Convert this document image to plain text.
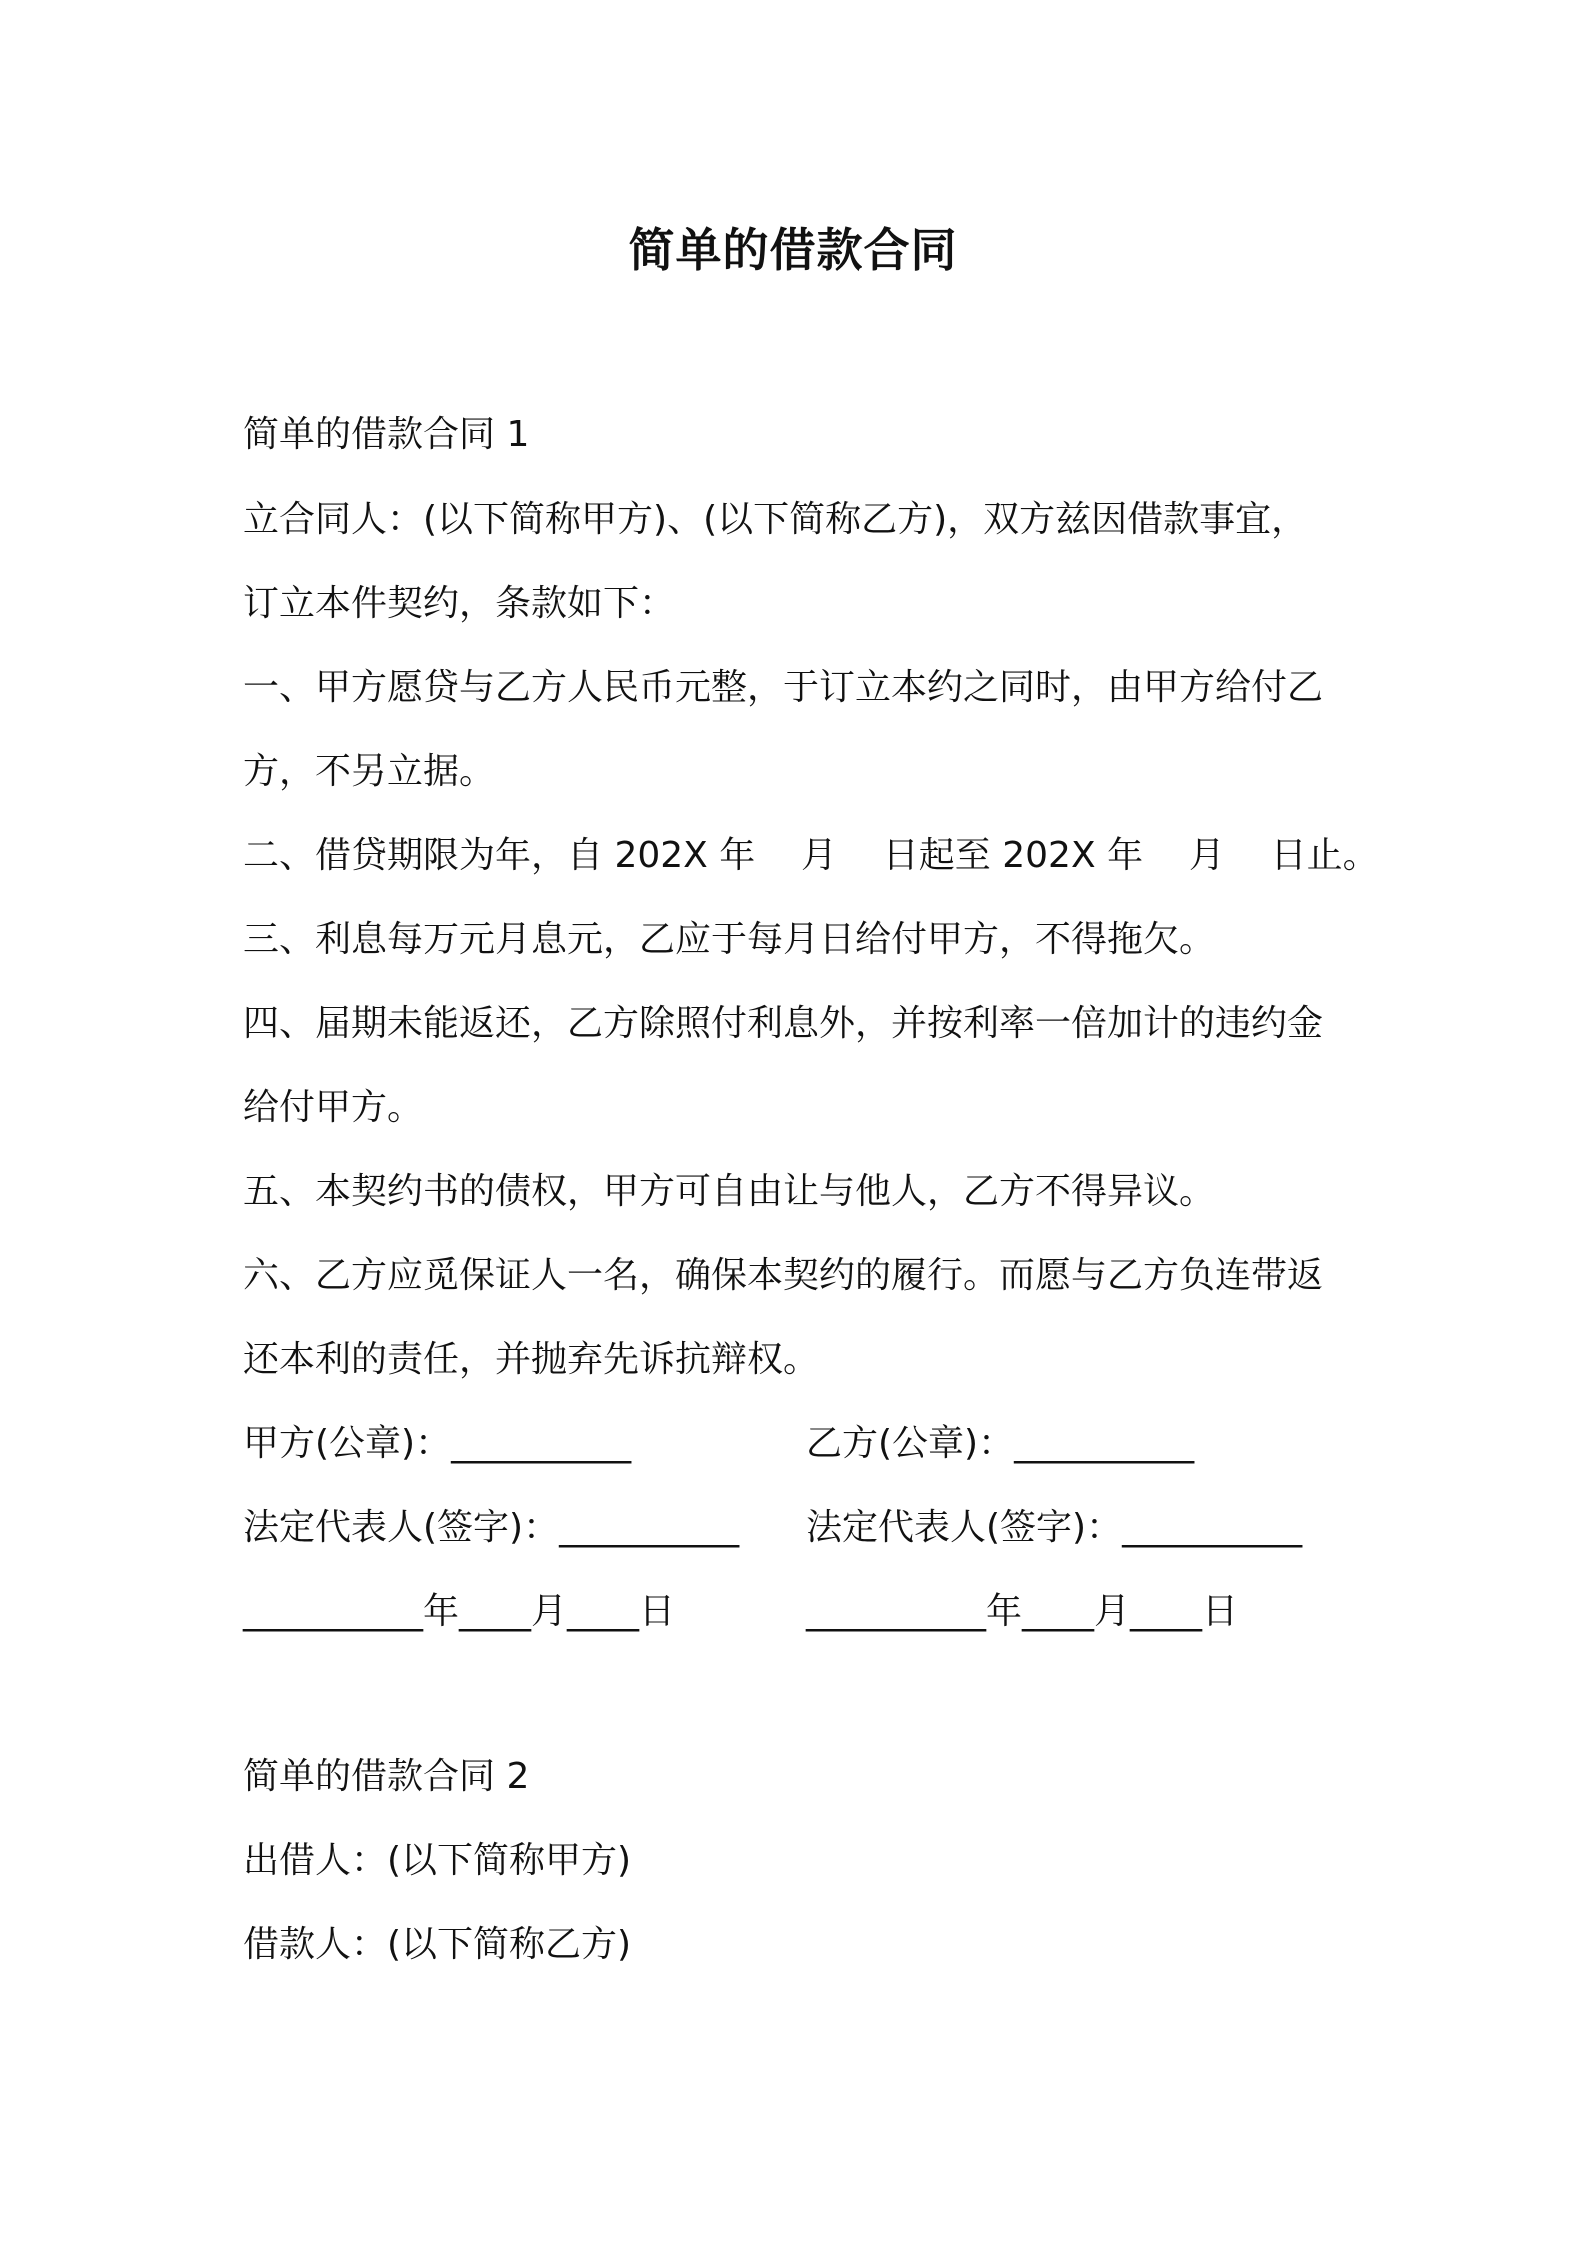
简单的借款合同
简单的借款合同 1
立合同人：(以下简称甲方)、(以下简称乙方)，双方兹因借款事宜，
订立本件契约，条款如下：
一、甲方愿贷与乙方人民币元整，于订立本约之同时，由甲方给付乙
方，不另立据。
二、借贷期限为年，自 202X 年    月    日起至 202X 年    月    日止。
三、利息每万元月息元，乙应于每月日给付甲方，不得拖欠。
四、届期未能返还，乙方除照付利息外，并按利率一倍加计的违约金
给付甲方。
五、本契约书的债权，甲方可自由让与他人，乙方不得异议。
六、乙方应觅保证人一名，确保本契约的履行。而愿与乙方负连带返
还本利的责任，并抛弃先诉抗辩权。
甲方(公章)：__________	乙方(公章)：__________
法定代表人(签字)：__________ 法定代表人(签字)：__________
__________年____月____日	__________年____月____日
简单的借款合同 2
出借人：(以下简称甲方)
借款人：(以下简称乙方)
